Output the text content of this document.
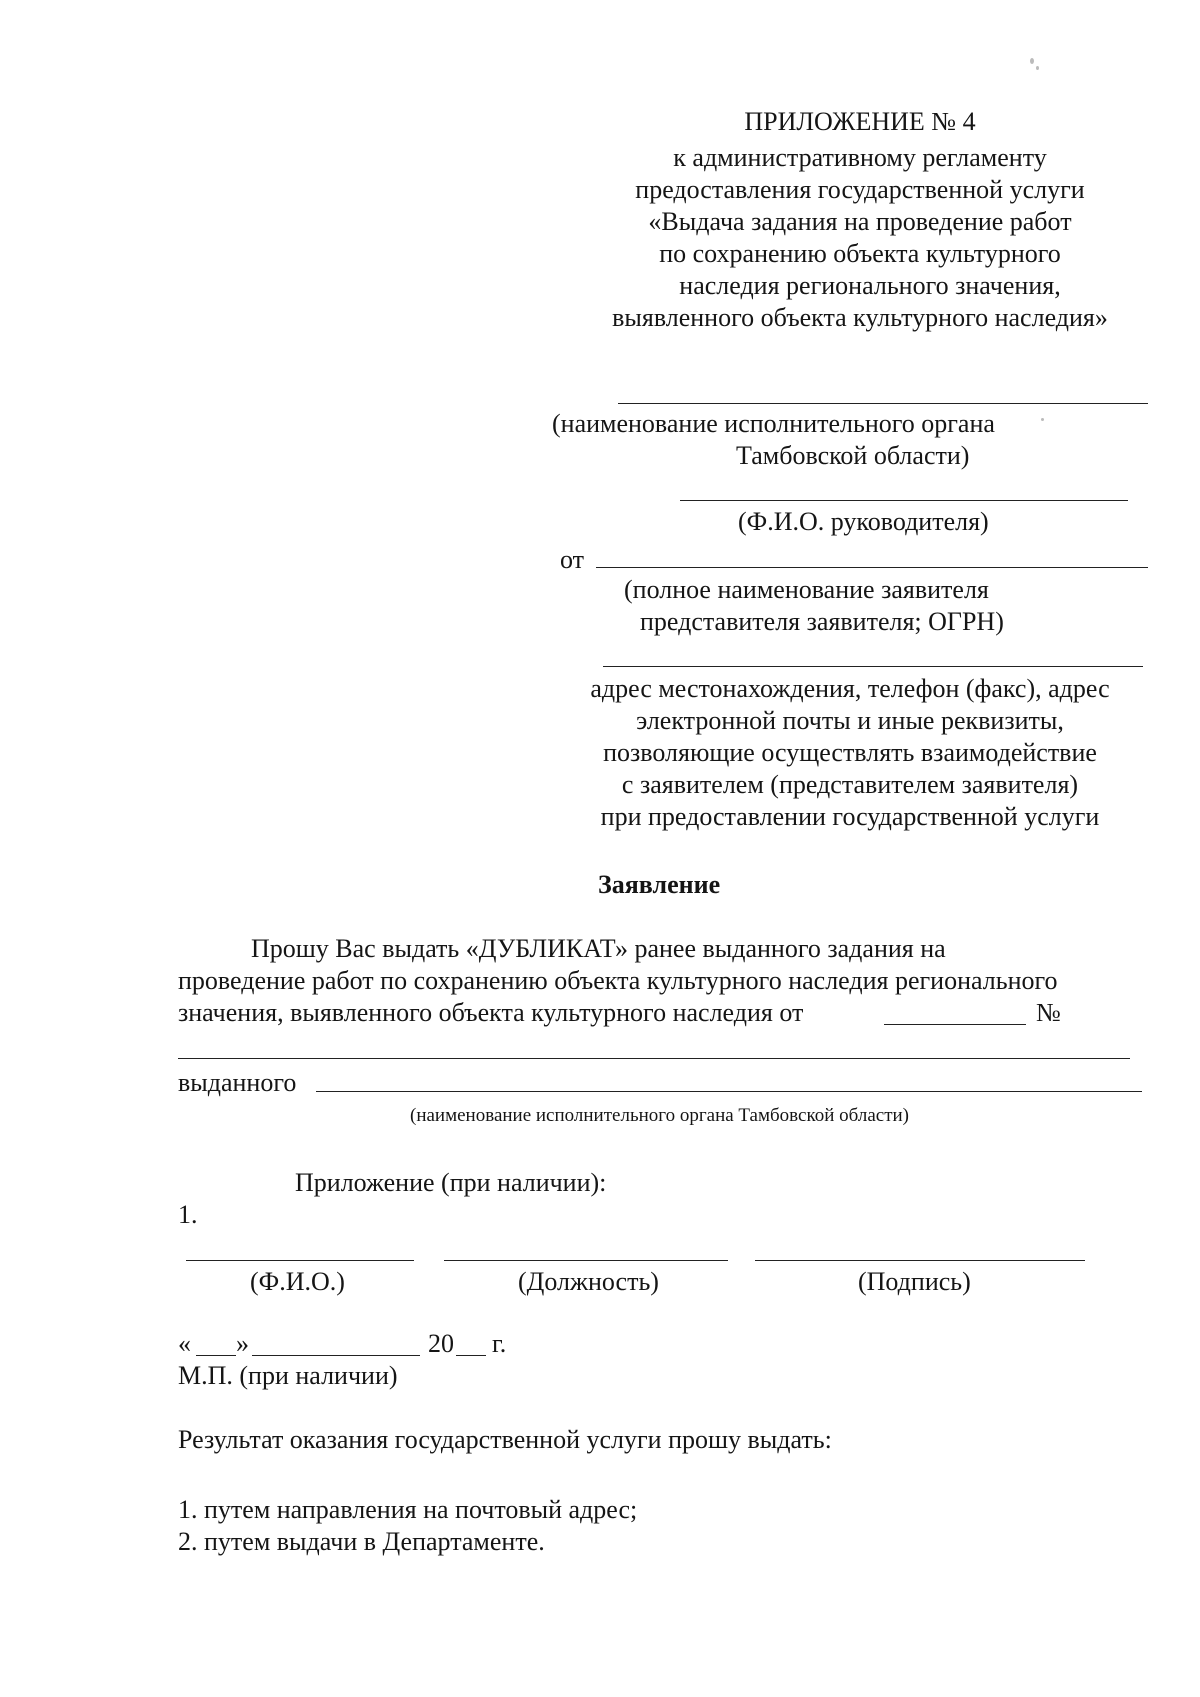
ПРИЛОЖЕНИЕ № 4
к административному регламенту
предоставления государственной услуги
«Выдача задания на проведение работ
по сохранению объекта культурного
наследия регионального значения,
выявленного объекта культурного наследия»
(наименование исполнительного органа
Тамбовской области)
(Ф.И.О. руководителя)
от
(полное наименование заявителя
представителя заявителя; ОГРН)
адрес местонахождения, телефон (факс), адрес
электронной почты и иные реквизиты,
позволяющие осуществлять взаимодействие
с заявителем (представителем заявителя)
при предоставлении государственной услуги
Заявление
Прошу Вас выдать «ДУБЛИКАТ» ранее выданного задания на
проведение работ по сохранению объекта культурного наследия регионального
значения, выявленного объекта культурного наследия от	№
выданного
(наименование исполнительного органа Тамбовской области)
Приложение (при наличии):
1.
(Ф.И.О.)	(Должность)	(Подпись)
« »	20 г.
М.П. (при наличии)
Результат оказания государственной услуги прошу выдать:
1. путем направления на почтовый адрес;
2. путем выдачи в Департаменте.
